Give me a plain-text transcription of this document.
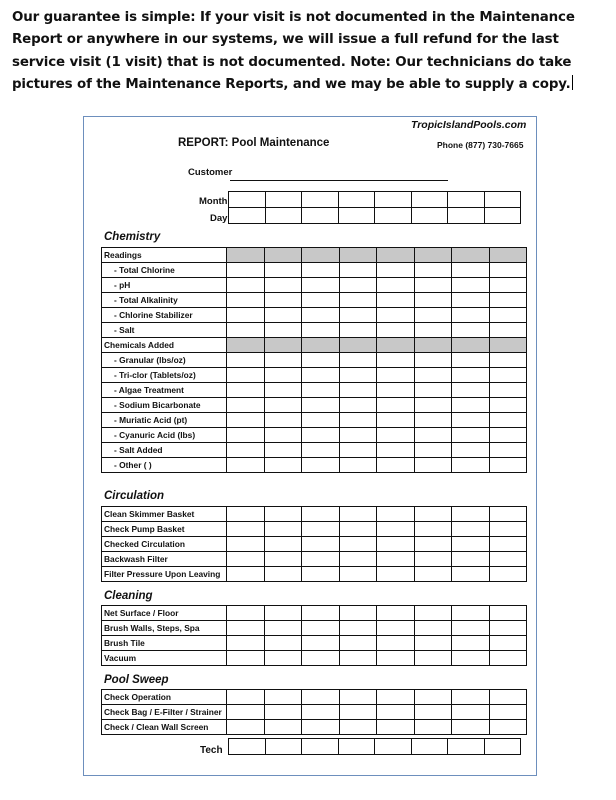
Our guarantee is simple: If your visit is not documented in the Maintenance Report or anywhere in our systems, we will issue a full refund for the last service visit (1 visit) that is not documented. Note: Our technicians do take pictures of the Maintenance Reports, and we may be able to supply a copy.

TropicIslandPools.com
REPORT: Pool Maintenance	Phone (877) 730-7665
Customer
Month
Day

Chemistry
Readings								
- Total Chlorine								
- pH								
- Total Alkalinity								
- Chlorine Stabilizer								
- Salt								
Chemicals Added								
- Granular (lbs/oz)								
- Tri-clor (Tablets/oz)								
- Algae Treatment								
- Sodium Bicarbonate								
- Muriatic Acid (pt)								
- Cyanuric Acid (lbs)								
- Salt Added								
- Other ( )								
Circulation
Clean Skimmer Basket								
Check Pump Basket								
Checked Circulation								
Backwash Filter								
Filter Pressure Upon Leaving								
Cleaning
Net Surface / Floor								
Brush Walls, Steps, Spa								
Brush Tile								
Vacuum								
Pool Sweep
Check Operation								
Check Bag / E-Filter / Strainer								
Check / Clean Wall Screen								
Tech
